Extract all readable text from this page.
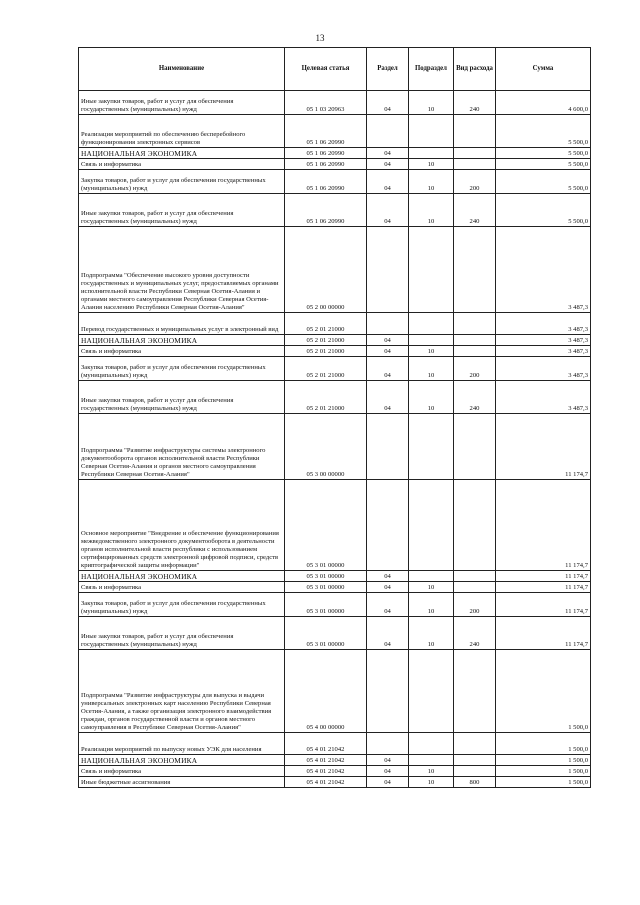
13
Наименование	Целевая статья	Раздел	Подраздел	Вид расхода	Сумма
Иные закупки товаров, работ и услуг для обеспечения государственных (муниципальных) нужд	05 1 03 20963	04	10	240	4 600,0
Реализация мероприятий по обеспечению бесперебойного функционирования электронных сервисов	05 1 06 20990				5 500,0
НАЦИОНАЛЬНАЯ ЭКОНОМИКА	05 1 06 20990	04			5 500,0
Связь и информатика	05 1 06 20990	04	10		5 500,0
Закупка товаров, работ и услуг для обеспечения государственных (муниципальных) нужд	05 1 06 20990	04	10	200	5 500,0
Иные закупки товаров, работ и услуг для обеспечения государственных (муниципальных) нужд	05 1 06 20990	04	10	240	5 500,0
Подпрограмма "Обеспечение высокого уровня доступности государственных и муниципальных услуг, предоставляемых органами исполнительной власти Республики Северная Осетия-Алания и органами местного самоуправления Республики Северная Осетия-Алания населению Республики Северная Осетия-Алания"	05 2 00 00000				3 487,3
Перевод государственных и муниципальных услуг в электронный вид	05 2 01 21000				3 487,3
НАЦИОНАЛЬНАЯ ЭКОНОМИКА	05 2 01 21000	04			3 487,3
Связь и информатика	05 2 01 21000	04	10		3 487,3
Закупка товаров, работ и услуг для обеспечения государственных (муниципальных) нужд	05 2 01 21000	04	10	200	3 487,3
Иные закупки товаров, работ и услуг для обеспечения государственных (муниципальных) нужд	05 2 01 21000	04	10	240	3 487,3
Подпрограмма "Развитие инфраструктуры системы электронного документооборота органов исполнительной власти Республики Северная Осетия-Алания и органов местного самоуправления Республики Северная Осетия-Алания"	05 3 00 00000				11 174,7
Основное мероприятие "Внедрение и обеспечение функционирования межведомственного электронного документооборота в деятельности органов исполнительной власти республики с использованием сертифицированных средств электронной цифровой подписи, средств криптографической защиты информации"	05 3 01 00000				11 174,7
НАЦИОНАЛЬНАЯ ЭКОНОМИКА	05 3 01 00000	04			11 174,7
Связь и информатика	05 3 01 00000	04	10		11 174,7
Закупка товаров, работ и услуг для обеспечения государственных (муниципальных) нужд	05 3 01 00000	04	10	200	11 174,7
Иные закупки товаров, работ и услуг для обеспечения государственных (муниципальных) нужд	05 3 01 00000	04	10	240	11 174,7
Подпрограмма "Развитие инфраструктуры для выпуска и выдачи универсальных электронных карт населению Республики Северная Осетия-Алания, а также организация электронного взаимодействия граждан, органов государственной власти и органов местного самоуправления в Республике Северная Осетия-Алания"	05 4 00 00000				1 500,0
Реализация мероприятий по выпуску новых УЭК для населения	05 4 01 21042				1 500,0
НАЦИОНАЛЬНАЯ ЭКОНОМИКА	05 4 01 21042	04			1 500,0
Связь и информатика	05 4 01 21042	04	10		1 500,0
Иные бюджетные ассигнования	05 4 01 21042	04	10	800	1 500,0
